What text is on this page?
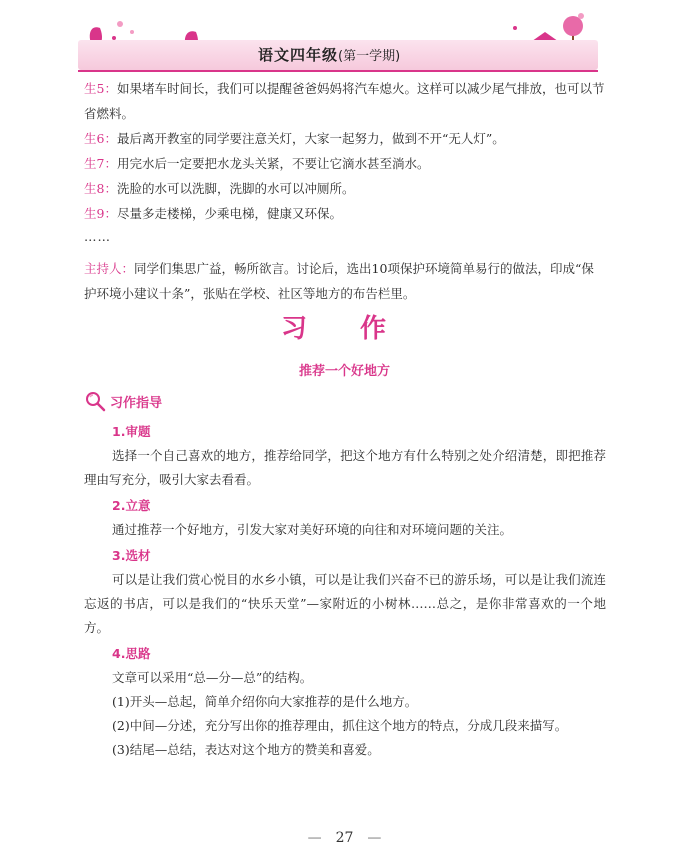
语文四年级(第一学期)

生5：如果堵车时间长，我们可以提醒爸爸妈妈将汽车熄火。这样可以减少尾气排放，也可以节省燃料。

生6：最后离开教室的同学要注意关灯，大家一起努力，做到不开“无人灯”。

生7：用完水后一定要把水龙头关紧，不要让它滴水甚至淌水。

生8：洗脸的水可以洗脚，洗脚的水可以冲厕所。

生9：尽量多走楼梯，少乘电梯，健康又环保。

……

主持人：同学们集思广益，畅所欲言。讨论后，选出10项保护环境简单易行的做法，印成“保护环境小建议十条”，张贴在学校、社区等地方的布告栏里。

习 作
推荐一个好地方
习作指导
1.审题

选择一个自己喜欢的地方，推荐给同学，把这个地方有什么特别之处介绍清楚，即把推荐理由写充分，吸引大家去看看。

2.立意

通过推荐一个好地方，引发大家对美好环境的向往和对环境问题的关注。

3.选材

可以是让我们赏心悦目的水乡小镇，可以是让我们兴奋不已的游乐场，可以是让我们流连忘返的书店，可以是我们的“快乐天堂”—家附近的小树林……总之，是你非常喜欢的一个地方。

4.思路

文章可以采用“总—分—总”的结构。

(1)开头—总起，简单介绍你向大家推荐的是什么地方。

(2)中间—分述，充分写出你的推荐理由，抓住这个地方的特点，分成几段来描写。

(3)结尾—总结，表达对这个地方的赞美和喜爱。

— 27 —
